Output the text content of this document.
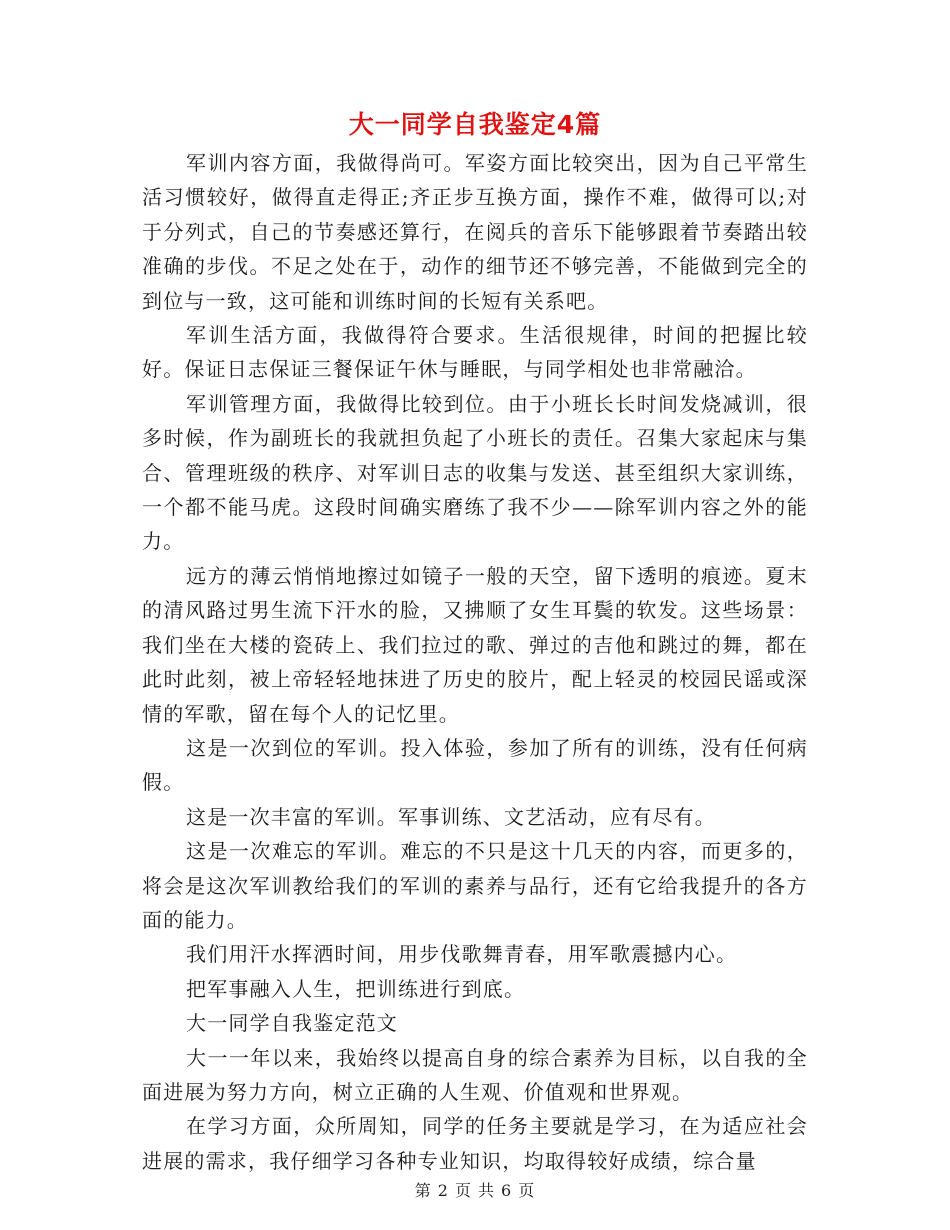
大一同学自我鉴定4篇

军训内容方面，我做得尚可。军姿方面比较突出，因为自己平常生活习惯较好，做得直走得正;齐正步互换方面，操作不难，做得可以;对于分列式，自己的节奏感还算行，在阅兵的音乐下能够跟着节奏踏出较准确的步伐。不足之处在于，动作的细节还不够完善，不能做到完全的到位与一致，这可能和训练时间的长短有关系吧。

军训生活方面，我做得符合要求。生活很规律，时间的把握比较好。保证日志保证三餐保证午休与睡眠，与同学相处也非常融洽。

军训管理方面，我做得比较到位。由于小班长长时间发烧减训，很多时候，作为副班长的我就担负起了小班长的责任。召集大家起床与集合、管理班级的秩序、对军训日志的收集与发送、甚至组织大家训练，一个都不能马虎。这段时间确实磨练了我不少——除军训内容之外的能力。

远方的薄云悄悄地擦过如镜子一般的天空，留下透明的痕迹。夏末的清风路过男生流下汗水的脸，又拂顺了女生耳鬓的软发。这些场景：我们坐在大楼的瓷砖上、我们拉过的歌、弹过的吉他和跳过的舞，都在此时此刻，被上帝轻轻地抹进了历史的胶片，配上轻灵的校园民谣或深情的军歌，留在每个人的记忆里。

这是一次到位的军训。投入体验，参加了所有的训练，没有任何病假。

这是一次丰富的军训。军事训练、文艺活动，应有尽有。

这是一次难忘的军训。难忘的不只是这十几天的内容，而更多的，将会是这次军训教给我们的军训的素养与品行，还有它给我提升的各方面的能力。

我们用汗水挥洒时间，用步伐歌舞青春，用军歌震撼内心。

把军事融入人生，把训练进行到底。

大一同学自我鉴定范文

大一一年以来，我始终以提高自身的综合素养为目标，以自我的全面进展为努力方向，树立正确的人生观、价值观和世界观。

在学习方面，众所周知，同学的任务主要就是学习，在为适应社会进展的需求，我仔细学习各种专业知识，均取得较好成绩，综合量

第 2 页 共 6 页
